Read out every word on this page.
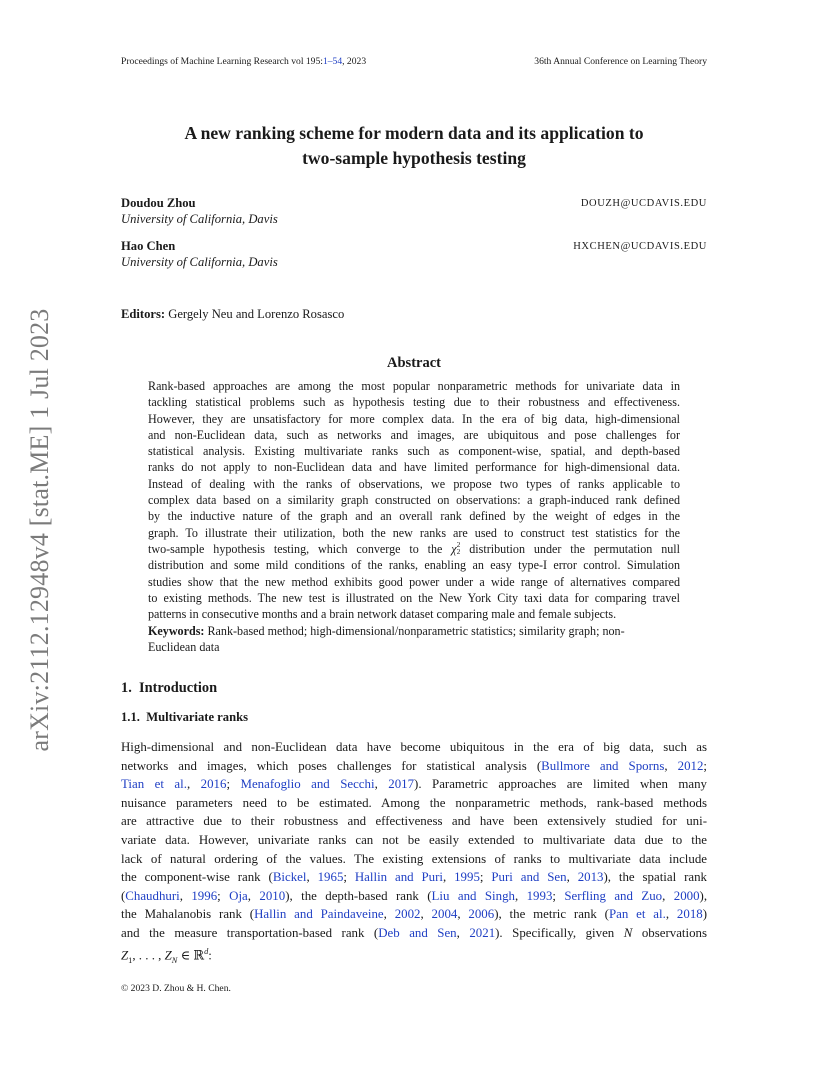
Proceedings of Machine Learning Research vol 195:1–54, 2023	36th Annual Conference on Learning Theory
arXiv:2112.12948v4 [stat.ME] 1 Jul 2023
A new ranking scheme for modern data and its application to
two-sample hypothesis testing
Doudou Zhou
University of California, Davis
DOUZH@UCDAVIS.EDU
Hao Chen
University of California, Davis
HXCHEN@UCDAVIS.EDU
Editors: Gergely Neu and Lorenzo Rosasco
Abstract
Rank-based approaches are among the most popular nonparametric methods for univariate data in
tackling statistical problems such as hypothesis testing due to their robustness and effectiveness.
However, they are unsatisfactory for more complex data. In the era of big data, high-dimensional
and non-Euclidean data, such as networks and images, are ubiquitous and pose challenges for
statistical analysis. Existing multivariate ranks such as component-wise, spatial, and depth-based
ranks do not apply to non-Euclidean data and have limited performance for high-dimensional data.
Instead of dealing with the ranks of observations, we propose two types of ranks applicable to
complex data based on a similarity graph constructed on observations: a graph-induced rank defined
by the inductive nature of the graph and an overall rank defined by the weight of edges in the
graph. To illustrate their utilization, both the new ranks are used to construct test statistics for the
two-sample hypothesis testing, which converge to the χ 2
2 distribution under the permutation null
distribution and some mild conditions of the ranks, enabling an easy type-I error control. Simulation
studies show that the new method exhibits good power under a wide range of alternatives compared
to existing methods. The new test is illustrated on the New York City taxi data for comparing travel
patterns in consecutive months and a brain network dataset comparing male and female subjects.
Keywords: Rank-based method; high-dimensional/nonparametric statistics; similarity graph; non-
Euclidean data
1. Introduction
1.1. Multivariate ranks
High-dimensional and non-Euclidean data have become ubiquitous in the era of big data, such as
networks and images, which poses challenges for statistical analysis (Bullmore and Sporns, 2012;
Tian et al., 2016; Menafoglio and Secchi, 2017). Parametric approaches are limited when many
nuisance parameters need to be estimated. Among the nonparametric methods, rank-based methods
are attractive due to their robustness and effectiveness and have been extensively studied for uni-
variate data. However, univariate ranks can not be easily extended to multivariate data due to the
lack of natural ordering of the values. The existing extensions of ranks to multivariate data include
the component-wise rank (Bickel, 1965; Hallin and Puri, 1995; Puri and Sen, 2013), the spatial rank
(Chaudhuri, 1996; Oja, 2010), the depth-based rank (Liu and Singh, 1993; Serfling and Zuo, 2000),
the Mahalanobis rank (Hallin and Paindaveine, 2002, 2004, 2006), the metric rank (Pan et al., 2018)
and the measure transportation-based rank (Deb and Sen, 2021). Specifically, given N observations
$Z_1$, . . . , $Z_N$ ∈ ℝ$^d$:
© 2023 D. Zhou & H. Chen.
